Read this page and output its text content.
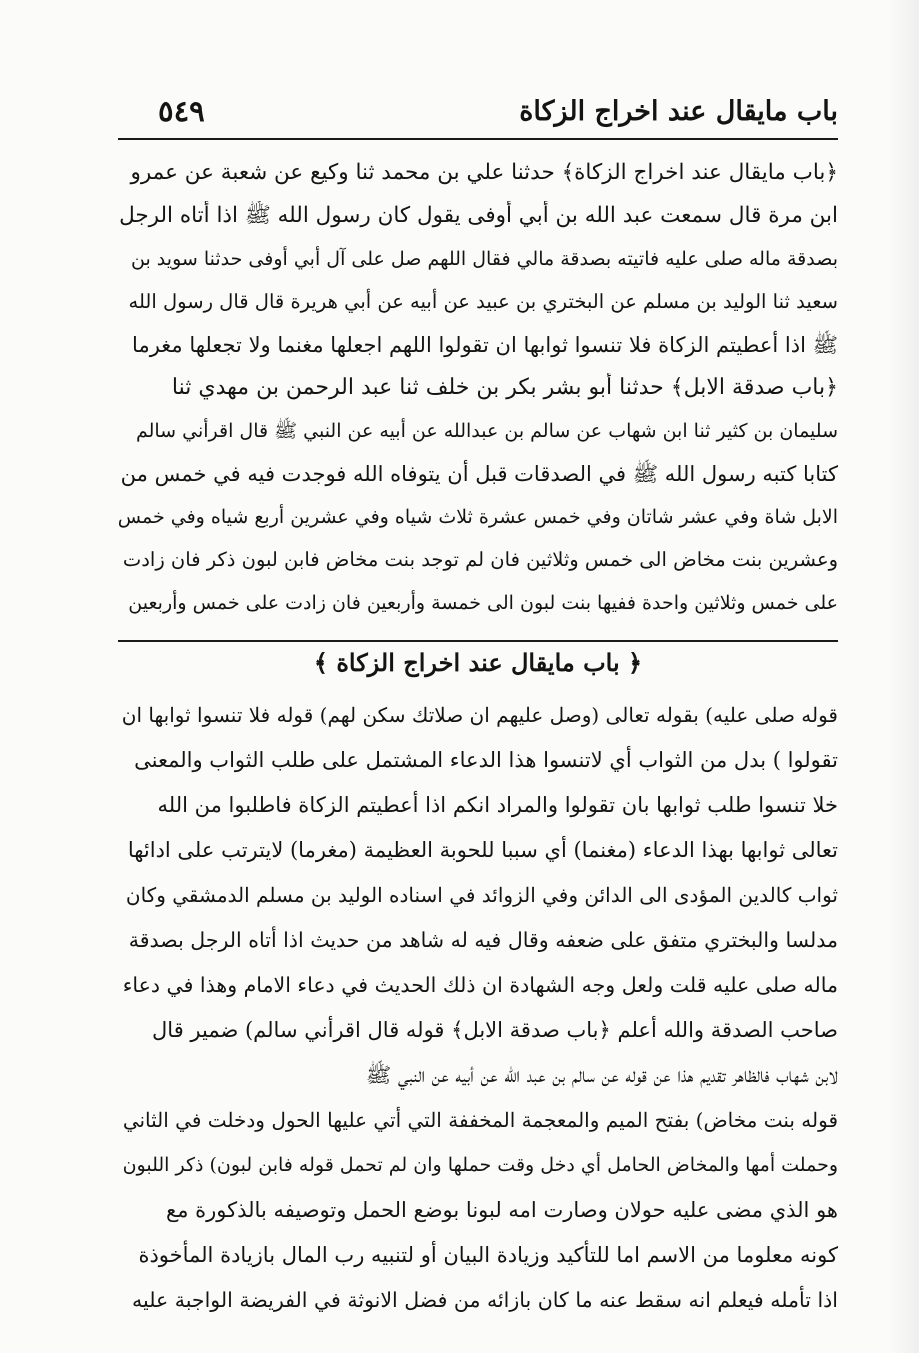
باب مايقال عند اخراج الزكاة
٥٤٩
﴿باب مايقال عند اخراج الزكاة﴾ حدثنا علي بن محمد ثنا وكيع عن شعبة عن عمرو
ابن مرة قال سمعت عبد الله بن أبي أوفى يقول كان رسول الله ﷺ اذا أتاه الرجل
بصدقة ماله صلى عليه فاتيته بصدقة مالي فقال اللهم صل على آل أبي أوفى حدثنا سويد بن
سعيد ثنا الوليد بن مسلم عن البختري بن عبيد عن أبيه عن أبي هريرة قال قال رسول الله
ﷺ اذا أعطيتم الزكاة فلا تنسوا ثوابها ان تقولوا اللهم اجعلها مغنما ولا تجعلها مغرما
﴿باب صدقة الابل﴾ حدثنا أبو بشر بكر بن خلف ثنا عبد الرحمن بن مهدي ثنا
سليمان بن كثير ثنا ابن شهاب عن سالم بن عبدالله عن أبيه عن النبي ﷺ قال اقرأني سالم
كتابا كتبه رسول الله ﷺ في الصدقات قبل أن يتوفاه الله فوجدت فيه في خمس من
الابل شاة وفي عشر شاتان وفي خمس عشرة ثلاث شياه وفي عشرين أربع شياه وفي خمس
وعشرين بنت مخاض الى خمس وثلاثين فان لم توجد بنت مخاض فابن لبون ذكر فان زادت
على خمس وثلاثين واحدة ففيها بنت لبون الى خمسة وأربعين فان زادت على خمس وأربعين
﴿ باب مايقال عند اخراج الزكاة ﴾
قوله صلى عليه) بقوله تعالى (وصل عليهم ان صلاتك سكن لهم) قوله فلا تنسوا ثوابها ان
تقولوا ) بدل من الثواب أي لاتنسوا هذا الدعاء المشتمل على طلب الثواب والمعنى
خلا تنسوا طلب ثوابها بان تقولوا والمراد انكم اذا أعطيتم الزكاة فاطلبوا من الله
تعالى ثوابها بهذا الدعاء (مغنما) أي سببا للحوبة العظيمة (مغرما) لايترتب على ادائها
ثواب كالدين المؤدى الى الدائن وفي الزوائد في اسناده الوليد بن مسلم الدمشقي وكان
مدلسا والبختري متفق على ضعفه وقال فيه له شاهد من حديث اذا أتاه الرجل بصدقة
ماله صلى عليه قلت ولعل وجه الشهادة ان ذلك الحديث في دعاء الامام وهذا في دعاء
صاحب الصدقة والله أعلم ﴿باب صدقة الابل﴾ قوله قال اقرأني سالم) ضمير قال
لابن شهاب فالظاهر تقديم هذا عن قوله عن سالم بن عبد الله عن أبيه عن النبي ﷺ
قوله بنت مخاض) بفتح الميم والمعجمة المخففة التي أتي عليها الحول ودخلت في الثاني
وحملت أمها والمخاض الحامل أي دخل وقت حملها وان لم تحمل قوله فابن لبون) ذكر اللبون
هو الذي مضى عليه حولان وصارت امه لبونا بوضع الحمل وتوصيفه بالذكورة مع
كونه معلوما من الاسم اما للتأكيد وزيادة البيان أو لتنبيه رب المال بازيادة المأخوذة
اذا تأمله فيعلم انه سقط عنه ما كان بازائه من فضل الانوثة في الفريضة الواجبة عليه
